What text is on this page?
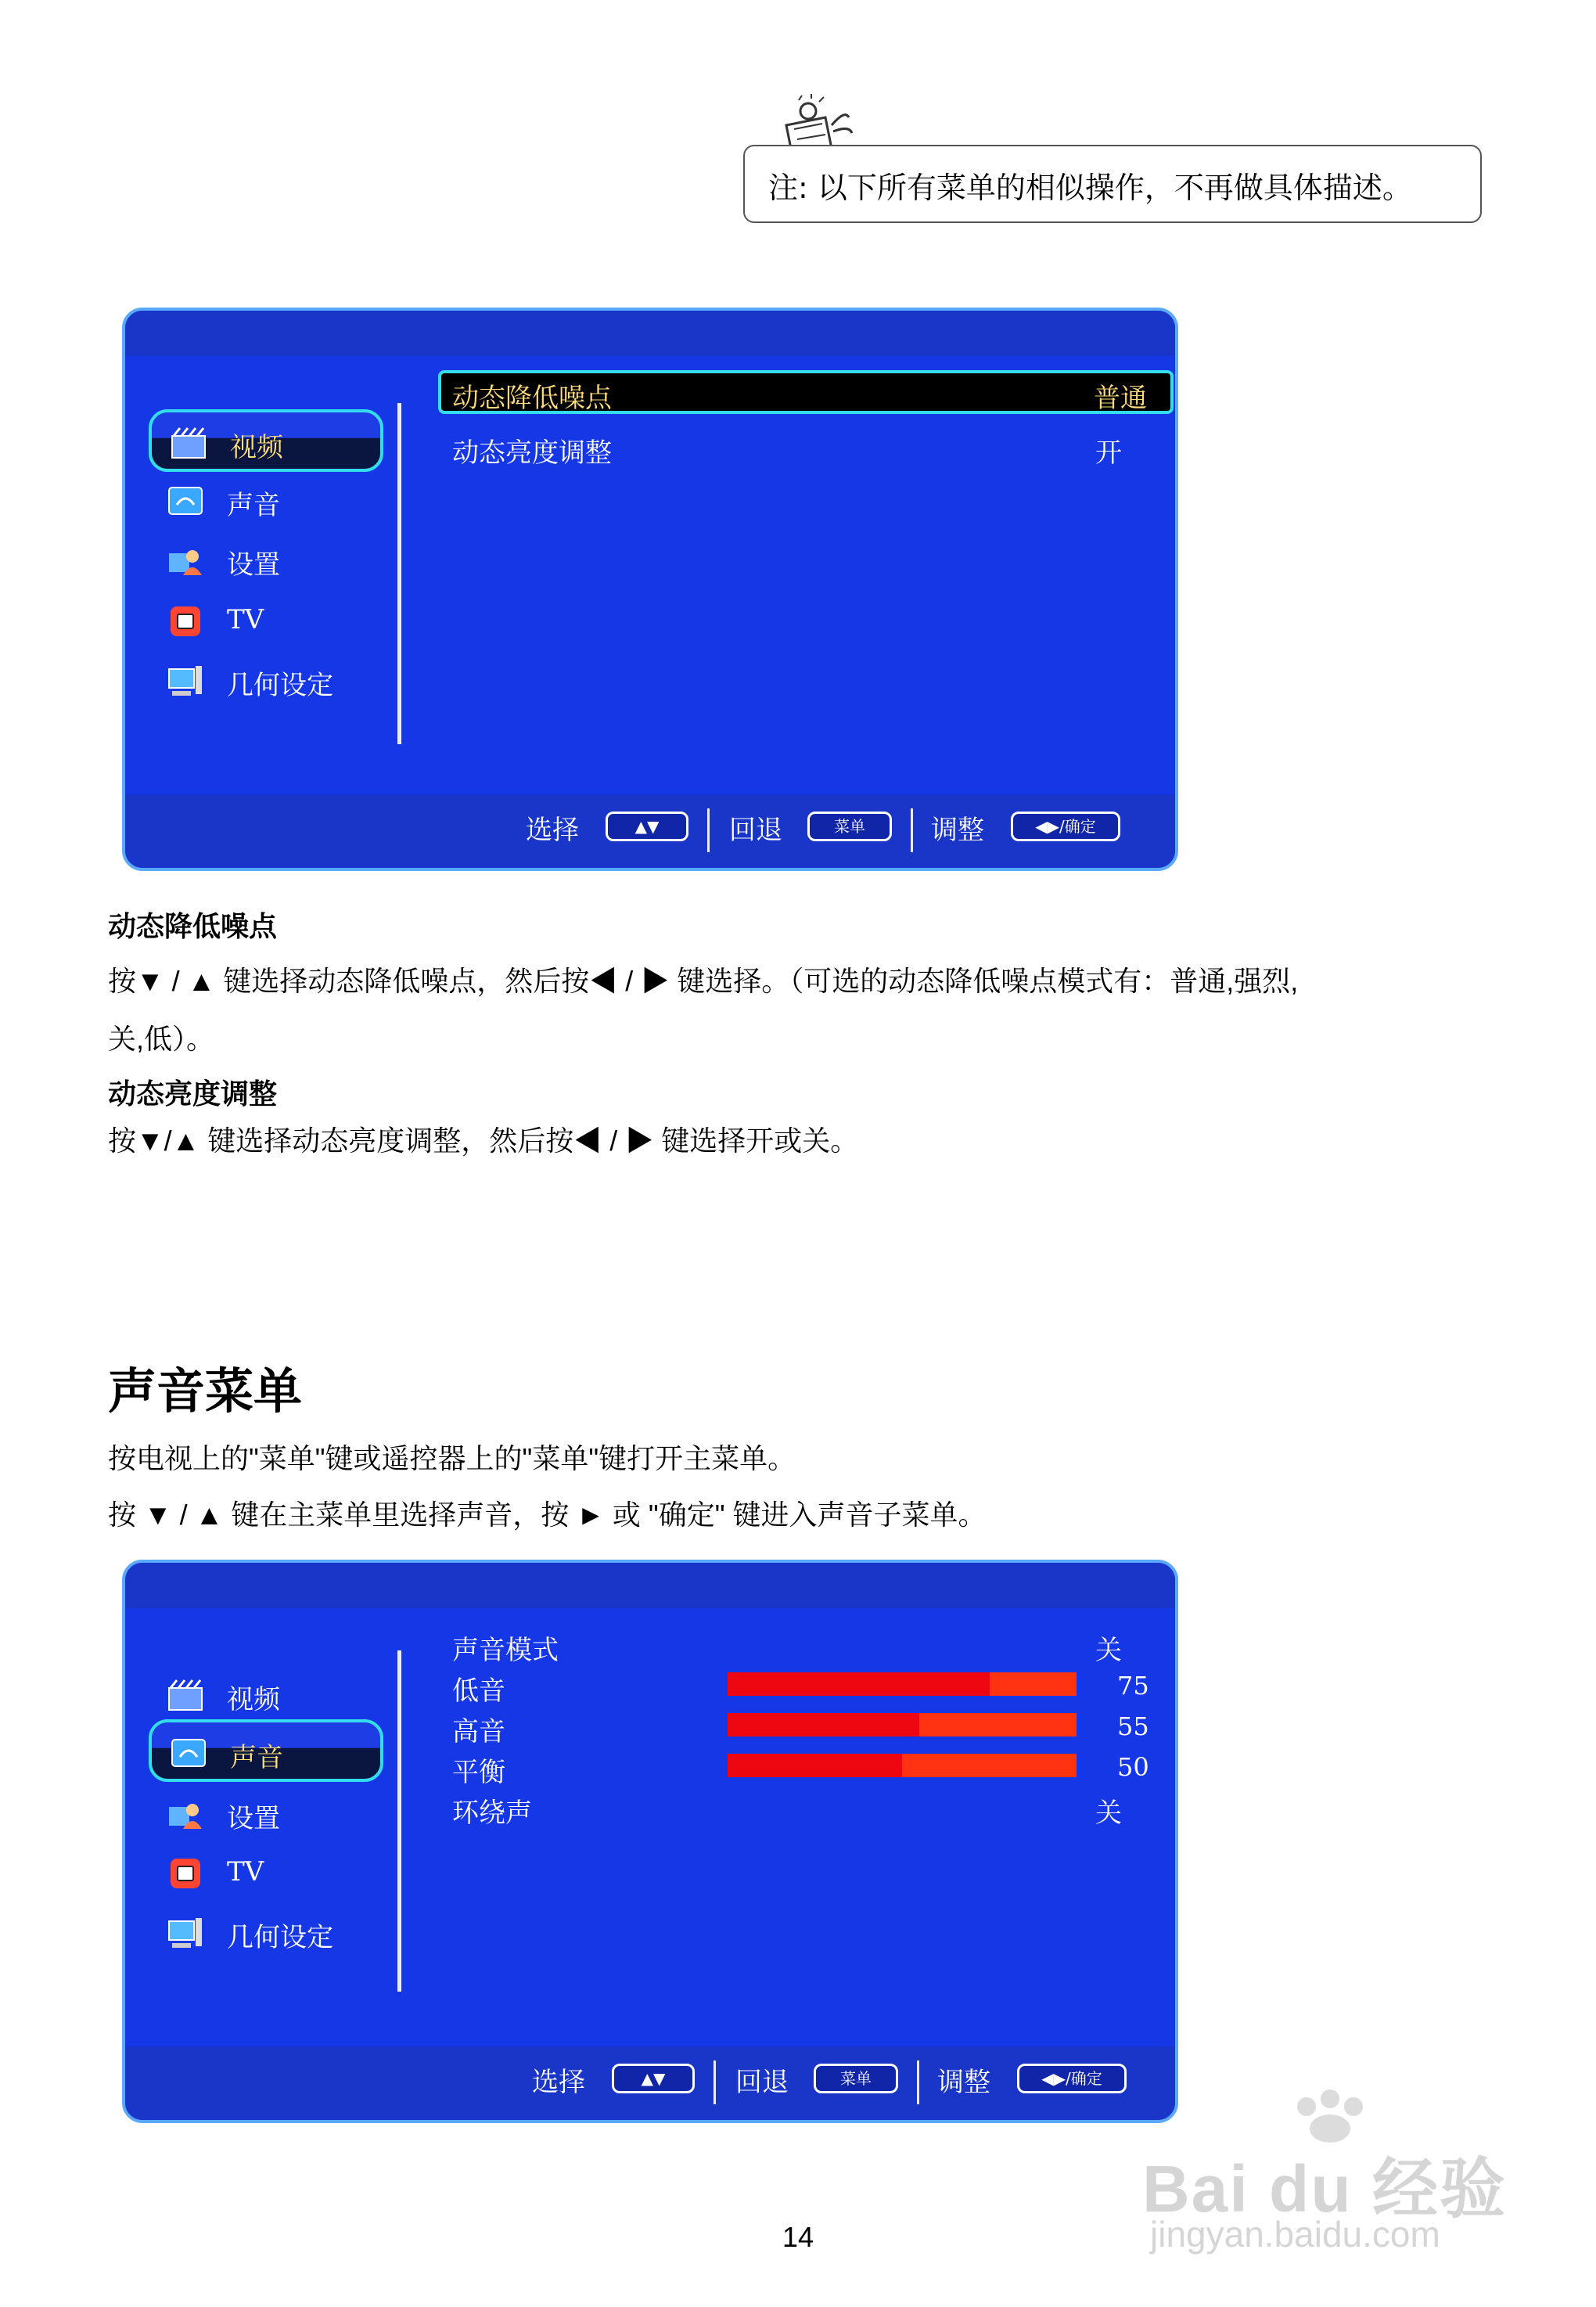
注: 以下所有菜单的相似操作，不再做具体描述。
视频
声音
设置
TV
几何设定
动态降低噪点	普通
动态亮度调整	开
选择	▲▼	回退	菜单	调整	◀▶/确定
动态降低噪点
按▼ / ▲ 键选择动态降低噪点，然后按◀ / ▶ 键选择。（可选的动态降低噪点模式有：普通,强烈,
关,低）。
动态亮度调整
按▼/▲ 键选择动态亮度调整，然后按◀ / ▶ 键选择开或关。
声音菜单
按电视上的"菜单"键或遥控器上的"菜单"键打开主菜单。
按 ▼ / ▲ 键在主菜单里选择声音，按 ► 或 "确定" 键进入声音子菜单。
视频
声音
设置
TV
几何设定
声音模式	关
低音	75
高音	55
平衡	50
环绕声	关
选择	▲▼	回退	菜单	调整	◀▶/确定
Bai du 经验
jingyan.baidu.com
14
